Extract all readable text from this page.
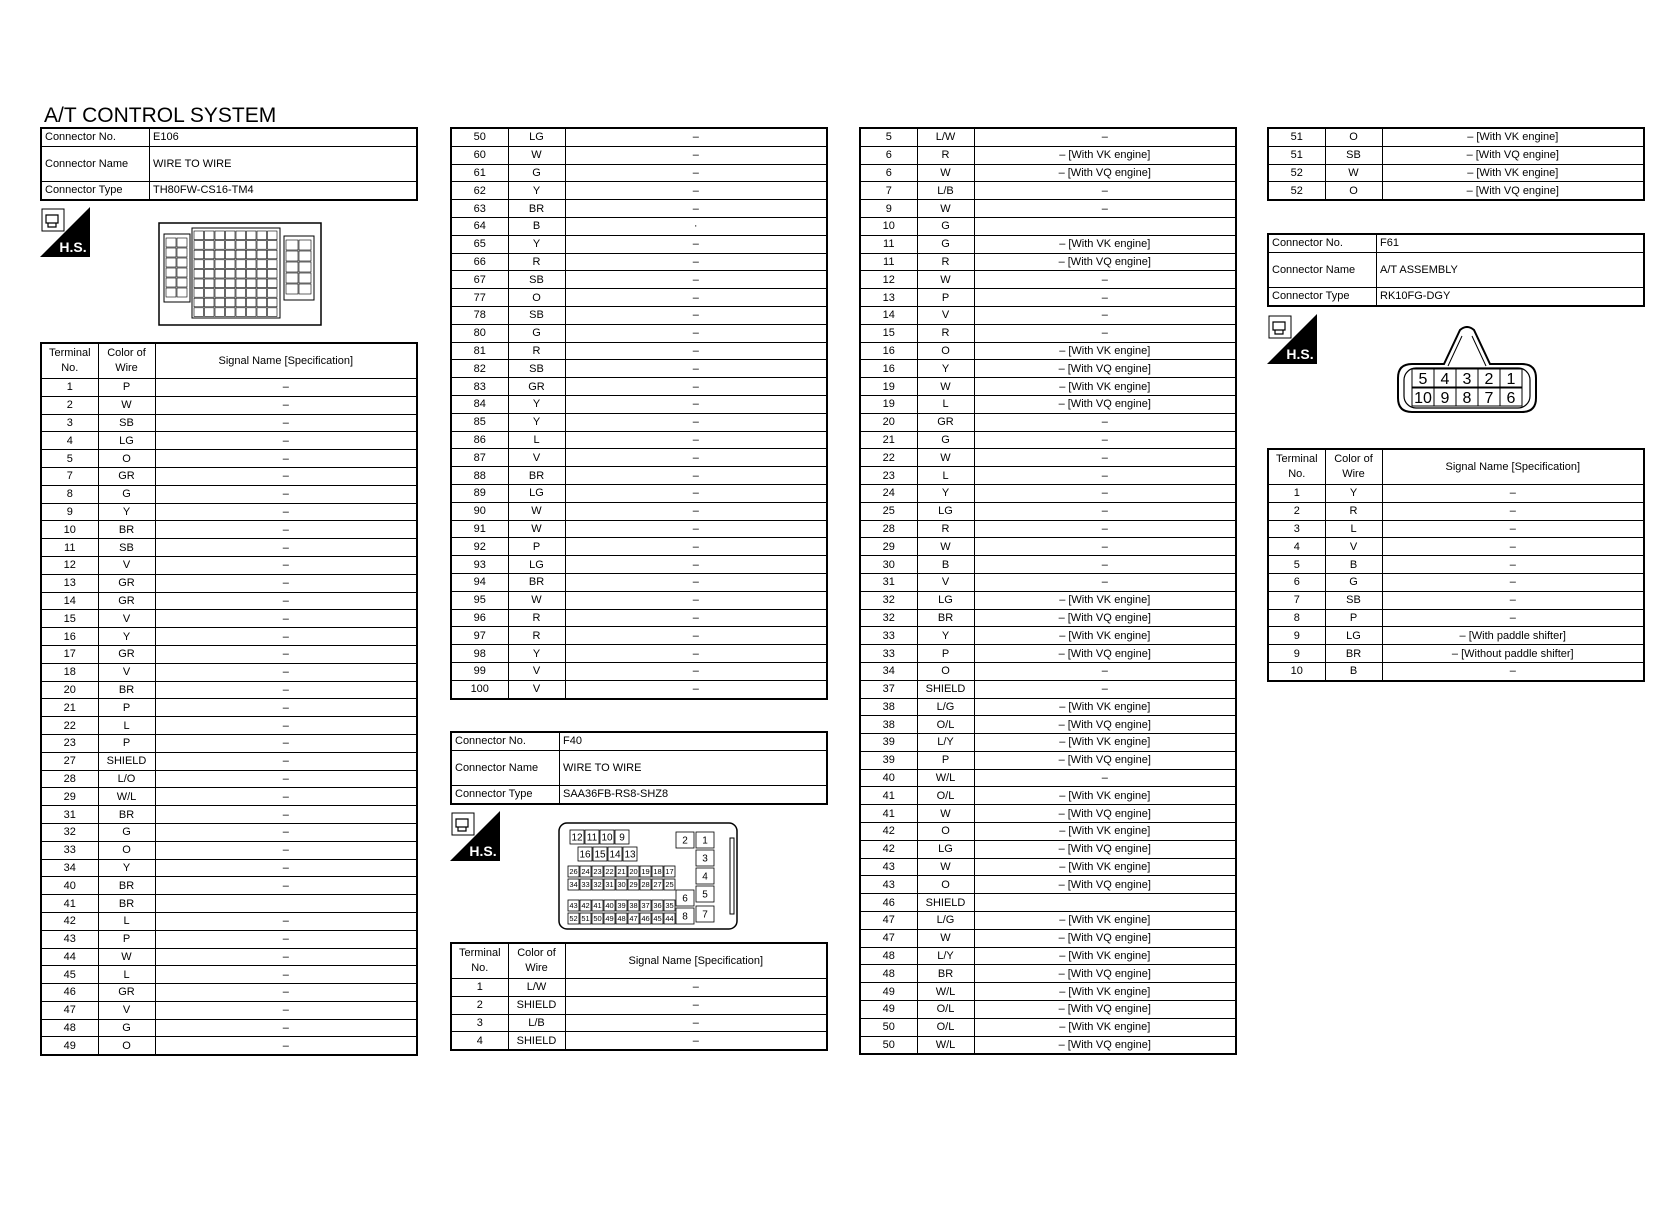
A/T CONTROL SYSTEM
Connector No.	E106
Connector Name	WIRE TO WIRE
Connector Type	TH80FW-CS16-TM4
H.S.
Terminal No.	Color of Wire	Signal Name [Specification]
1	P	–
2	W	–
3	SB	–
4	LG	–
5	O	–
7	GR	–
8	G	–
9	Y	–
10	BR	–
11	SB	–
12	V	–
13	GR	–
14	GR	–
15	V	–
16	Y	–
17	GR	–
18	V	–
20	BR	–
21	P	–
22	L	–
23	P	–
27	SHIELD	–
28	L/O	–
29	W/L	–
31	BR	–
32	G	–
33	O	–
34	Y	–
40	BR	–
41	BR	
42	L	–
43	P	–
44	W	–
45	L	–
46	GR	–
47	V	–
48	G	–
49	O	–
50	LG	–
60	W	–
61	G	–
62	Y	–
63	BR	–
64	B	·
65	Y	–
66	R	–
67	SB	–
77	O	–
78	SB	–
80	G	–
81	R	–
82	SB	–
83	GR	–
84	Y	–
85	Y	–
86	L	–
87	V	–
88	BR	–
89	LG	–
90	W	–
91	W	–
92	P	–
93	LG	–
94	BR	–
95	W	–
96	R	–
97	R	–
98	Y	–
99	V	–
100	V	–
Connector No.	F40
Connector Name	WIRE TO WIRE
Connector Type	SAA36FB-RS8-SHZ8
H.S.
12 11 10 9
16 15 14 13
26 24 23 22 21 20 19 18 17
34 33 32 31 30 29 28 27 25
43 42 41 40 39 38 37 36 35
52 51 50 49 48 47 46 45 44
2 1
3
4
6 5
8 7
Terminal No.	Color of Wire	Signal Name [Specification]
1	L/W	–
2	SHIELD	–
3	L/B	–
4	SHIELD	–
5	L/W	–
6	R	– [With VK engine]
6	W	– [With VQ engine]
7	L/B	–
9	W	–
10	G	
11	G	– [With VK engine]
11	R	– [With VQ engine]
12	W	–
13	P	–
14	V	–
15	R	–
16	O	– [With VK engine]
16	Y	– [With VQ engine]
19	W	– [With VK engine]
19	L	– [With VQ engine]
20	GR	–
21	G	–
22	W	–
23	L	–
24	Y	–
25	LG	–
28	R	–
29	W	–
30	B	–
31	V	–
32	LG	– [With VK engine]
32	BR	– [With VQ engine]
33	Y	– [With VK engine]
33	P	– [With VQ engine]
34	O	–
37	SHIELD	–
38	L/G	– [With VK engine]
38	O/L	– [With VQ engine]
39	L/Y	– [With VK engine]
39	P	– [With VQ engine]
40	W/L	–
41	O/L	– [With VK engine]
41	W	– [With VQ engine]
42	O	– [With VK engine]
42	LG	– [With VQ engine]
43	W	– [With VK engine]
43	O	– [With VQ engine]
46	SHIELD	
47	L/G	– [With VK engine]
47	W	– [With VQ engine]
48	L/Y	– [With VK engine]
48	BR	– [With VQ engine]
49	W/L	– [With VK engine]
49	O/L	– [With VQ engine]
50	O/L	– [With VK engine]
50	W/L	– [With VQ engine]
51	O	– [With VK engine]
51	SB	– [With VQ engine]
52	W	– [With VK engine]
52	O	– [With VQ engine]
Connector No.	F61
Connector Name	A/T ASSEMBLY
Connector Type	RK10FG-DGY
H.S.
5 4 3 2 1
10 9 8 7 6
Terminal No.	Color of Wire	Signal Name [Specification]
1	Y	–
2	R	–
3	L	–
4	V	–
5	B	–
6	G	–
7	SB	–
8	P	–
9	LG	– [With paddle shifter]
9	BR	– [Without paddle shifter]
10	B	–
